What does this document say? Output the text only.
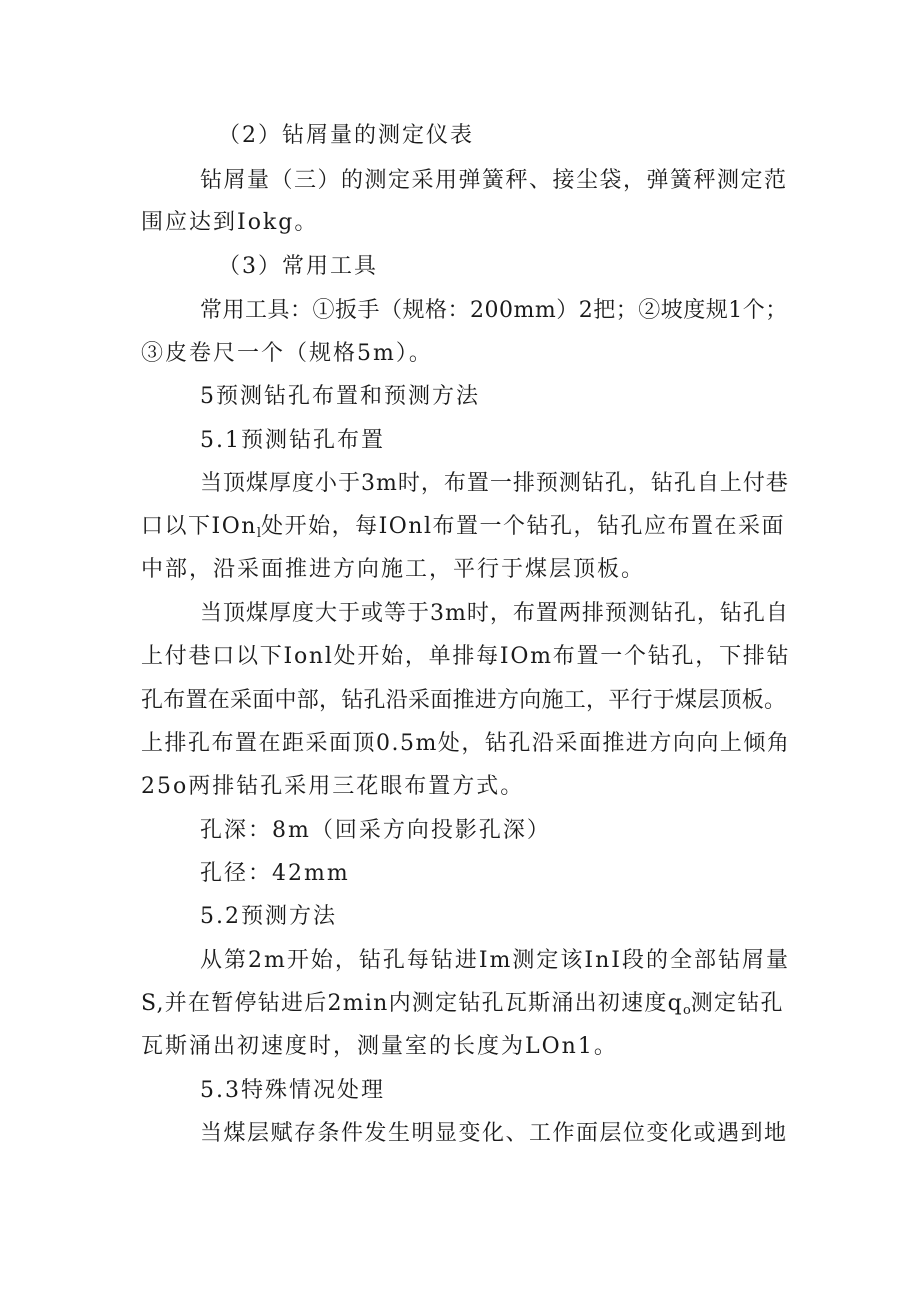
（2）钻屑量的测定仪表
钻屑量（三）的测定采用弹簧秤、接尘袋，弹簧秤测定范
围应达到Iokg。
（3）常用工具
常用工具：①扳手（规格：200mm）2把；②坡度规1个；
③皮卷尺一个（规格5m）。
5预测钻孔布置和预测方法
5.1预测钻孔布置
当顶煤厚度小于3m时，布置一排预测钻孔，钻孔自上付巷
口以下IOn$_l$处开始，每IOnl布置一个钻孔，钻孔应布置在采面
中部，沿采面推进方向施工，平行于煤层顶板。
当顶煤厚度大于或等于3m时，布置两排预测钻孔，钻孔自
上付巷口以下Ionl处开始，单排每IOm布置一个钻孔，下排钻
孔布置在采面中部，钻孔沿采面推进方向施工，平行于煤层顶板。
上排孔布置在距采面顶0.5m处，钻孔沿采面推进方向向上倾角
25o两排钻孔采用三花眼布置方式。
孔深：8m（回采方向投影孔深）
孔径：42mm
5.2预测方法
从第2m开始，钻孔每钻进Im测定该InI段的全部钻屑量
S,并在暂停钻进后2min内测定钻孔瓦斯涌出初速度$q_o$测定钻孔
瓦斯涌出初速度时，测量室的长度为LOn1。
5.3特殊情况处理
当煤层赋存条件发生明显变化、工作面层位变化或遇到地
